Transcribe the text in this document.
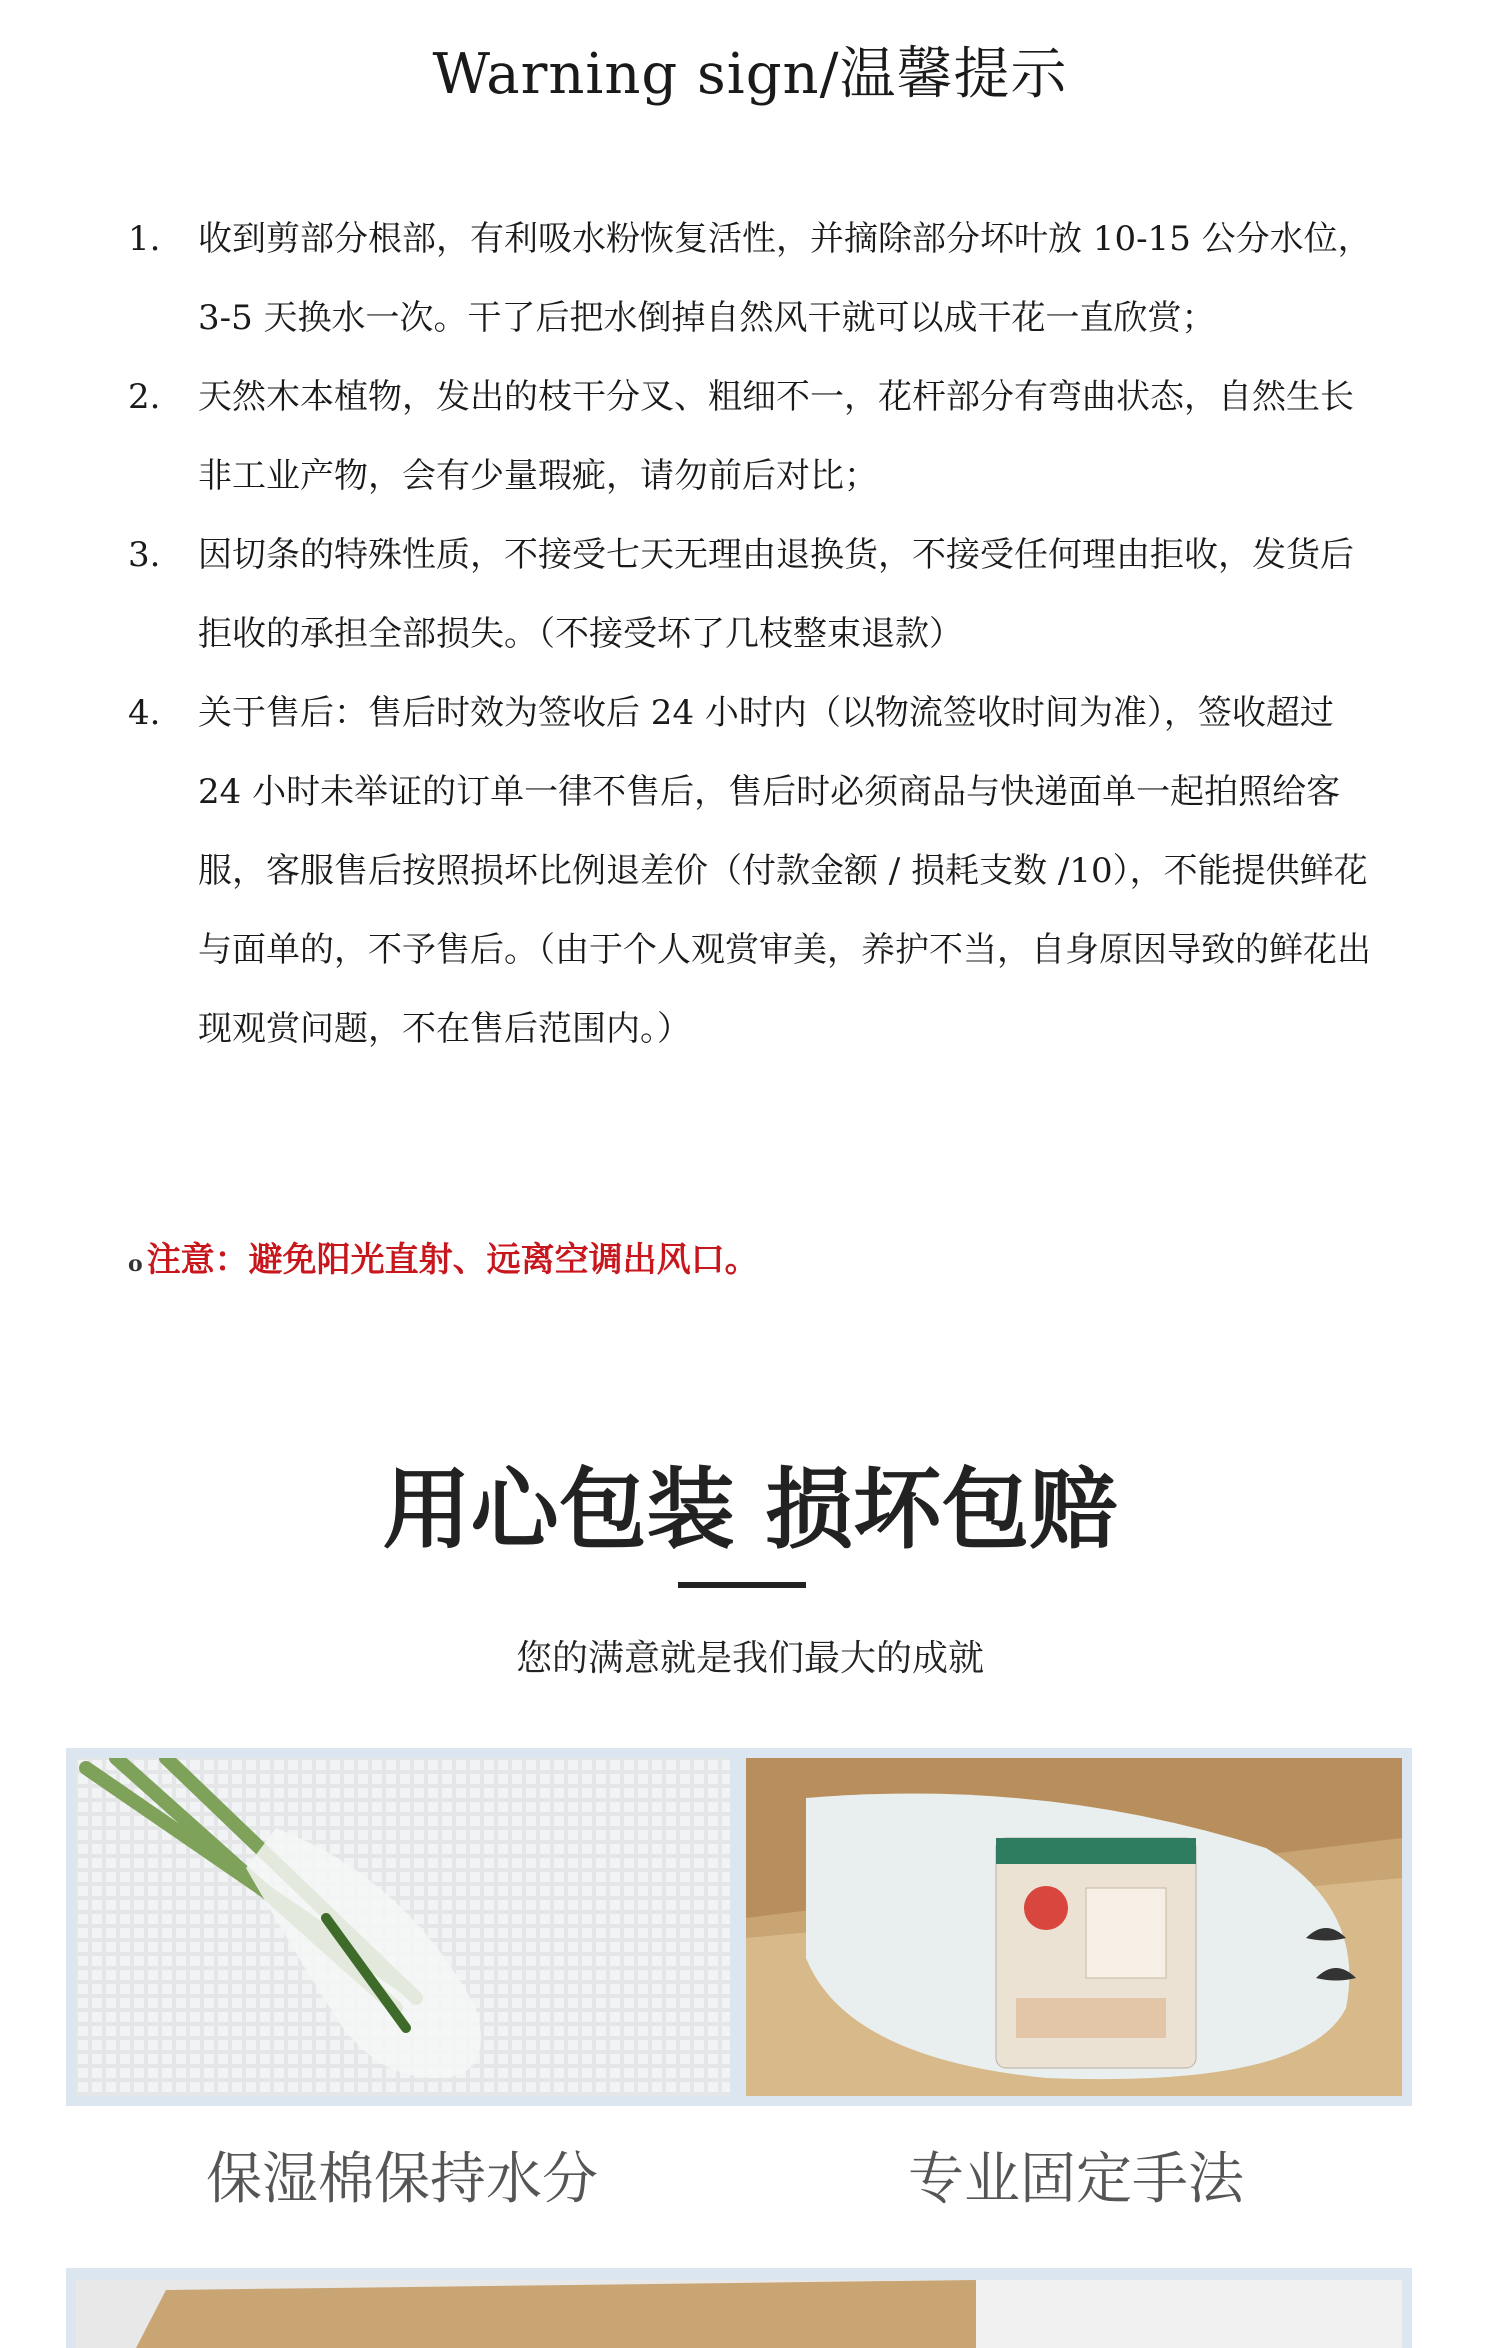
Warning sign/温馨提示
1.	收到剪部分根部，有利吸水粉恢复活性，并摘除部分坏叶放 10-15 公分水位， 3-5 天换水一次。干了后把水倒掉自然风干就可以成干花一直欣赏；
2.	天然木本植物，发出的枝干分叉、粗细不一，花杆部分有弯曲状态，自然生长非工业产物，会有少量瑕疵，请勿前后对比；
3.	因切条的特殊性质，不接受七天无理由退换货，不接受任何理由拒收，发货后拒收的承担全部损失。（不接受坏了几枝整束退款）
4.	关于售后：售后时效为签收后 24 小时内（以物流签收时间为准），签收超过 24 小时未举证的订单一律不售后，售后时必须商品与快递面单一起拍照给客服，客服售后按照损坏比例退差价（付款金额 / 损耗支数 /10），不能提供鲜花与面单的，不予售后。（由于个人观赏审美，养护不当，自身原因导致的鲜花出现观赏问题，不在售后范围内。）
o 注意：避免阳光直射、远离空调出风口。
用心包装 损坏包赔
您的满意就是我们最大的成就
保湿棉保持水分	专业固定手法
